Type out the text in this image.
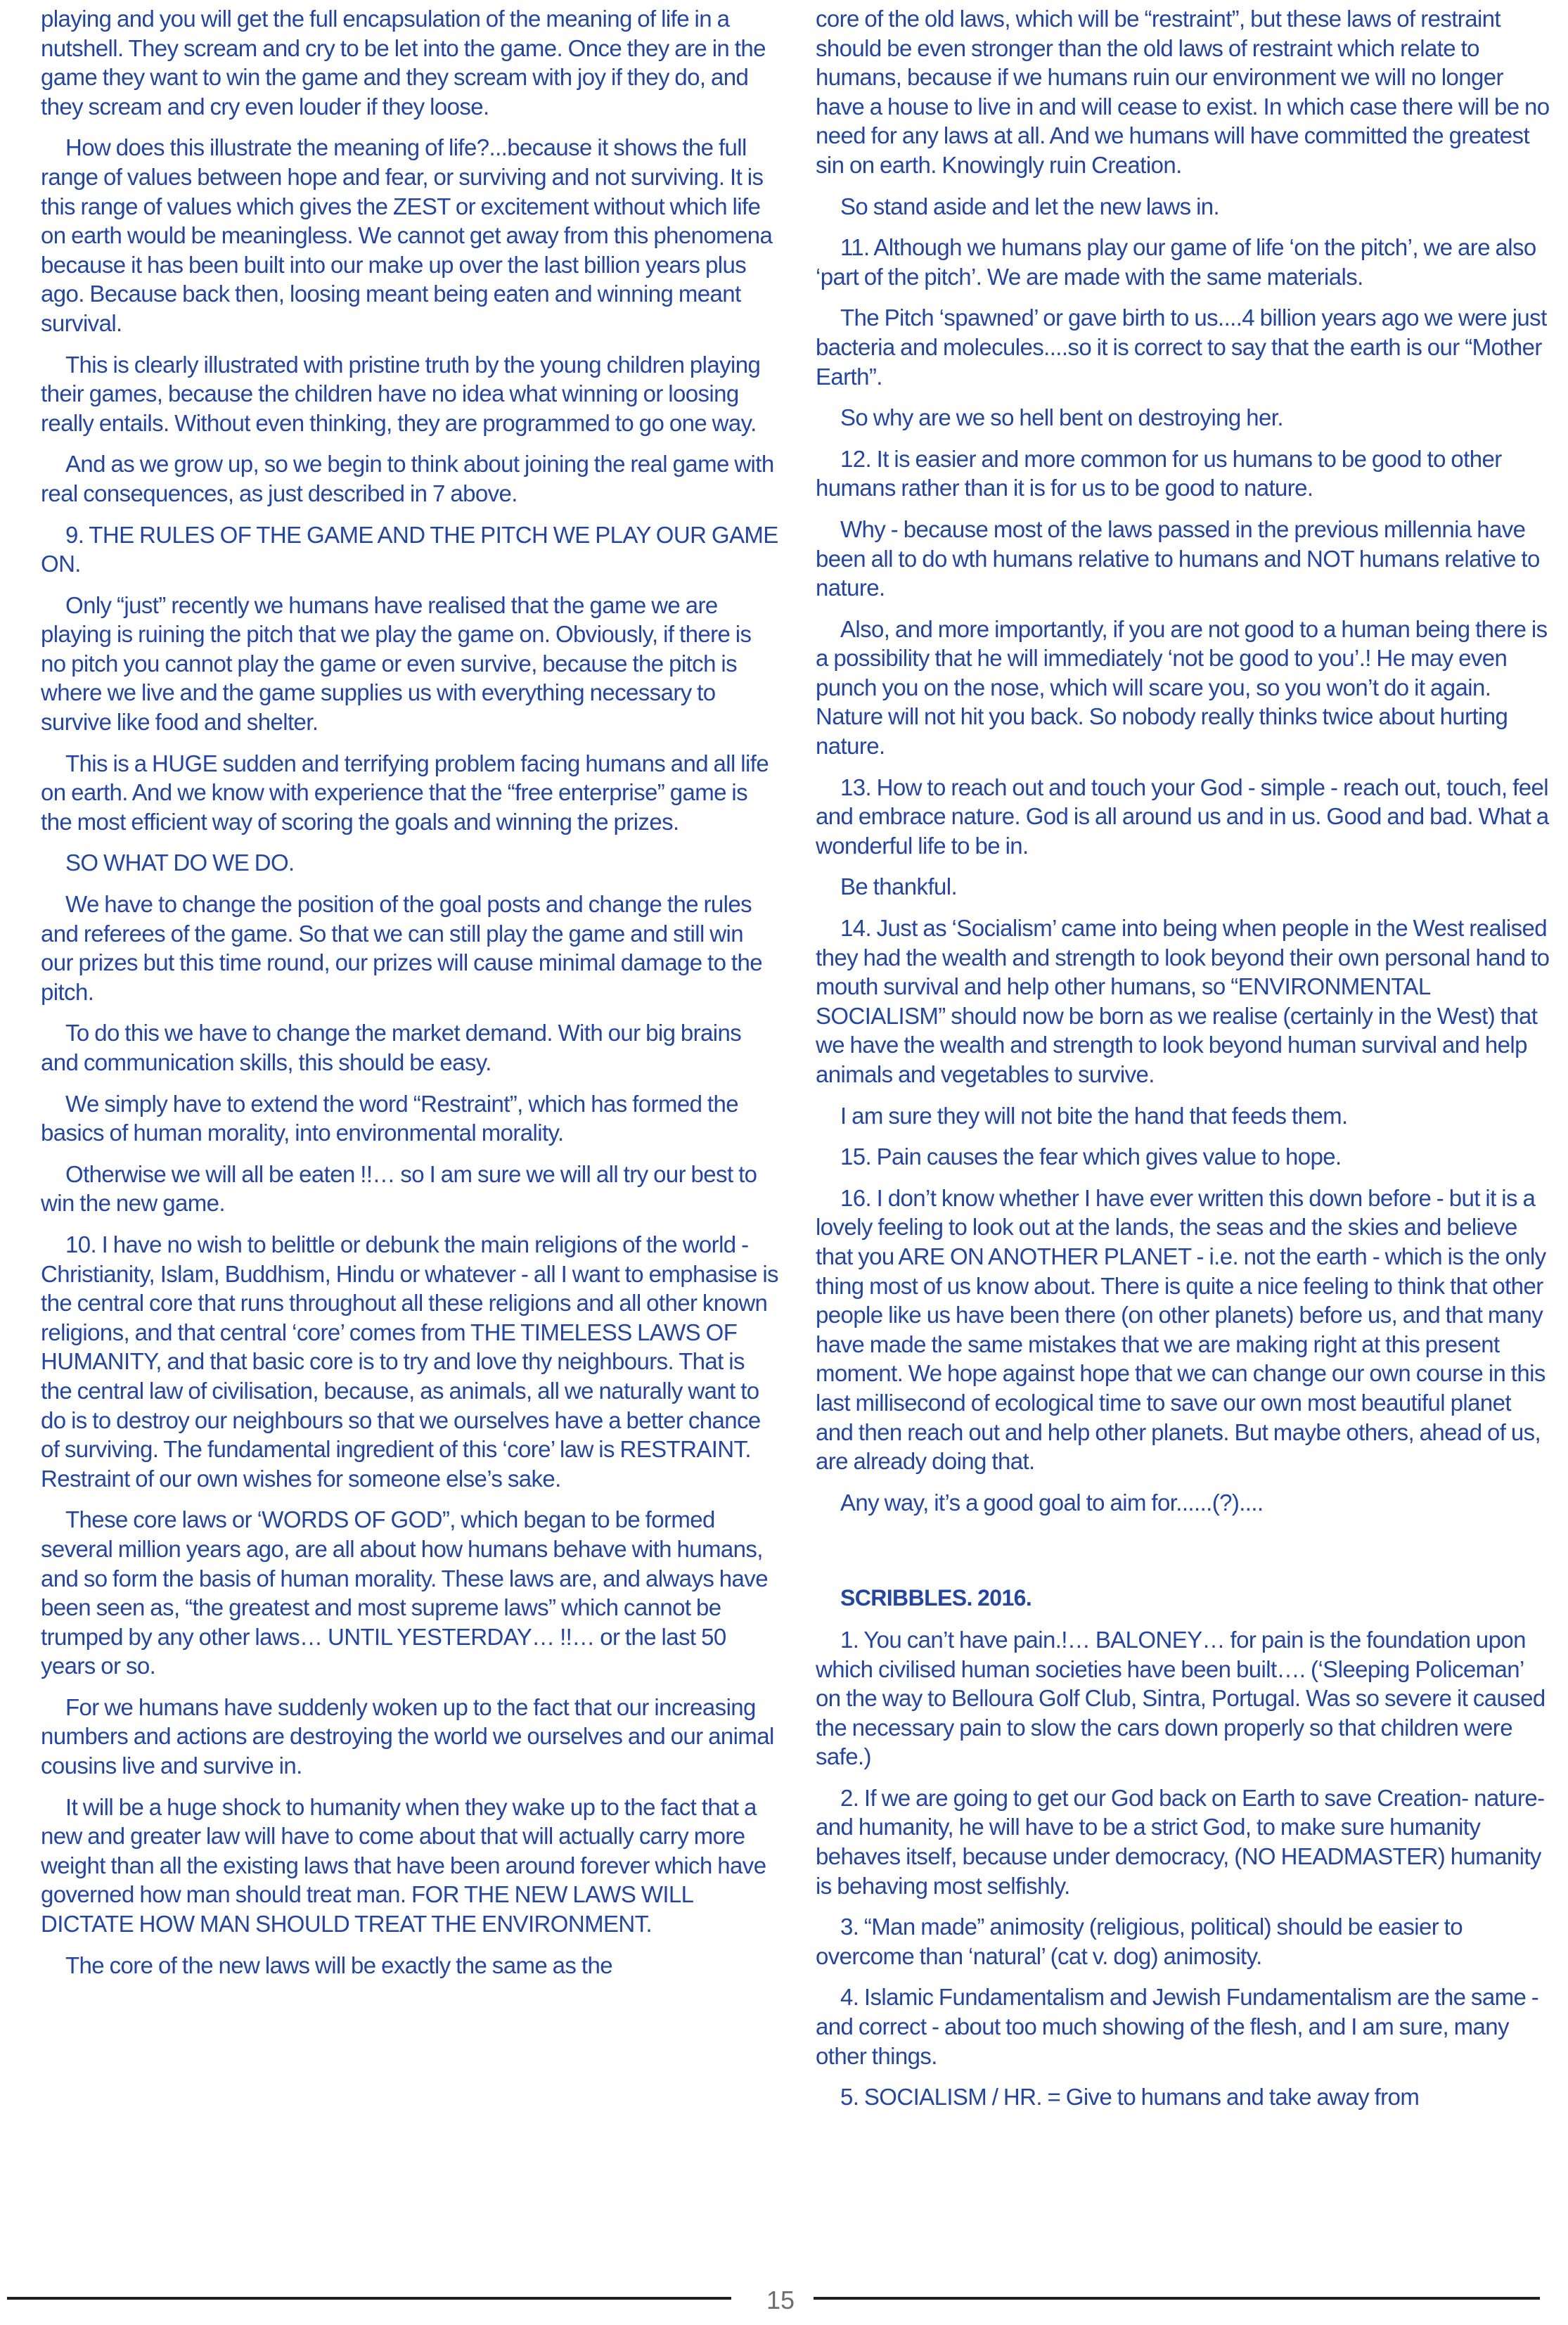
playing and you will get the full encapsulation of the meaning of life in a nutshell. They scream and cry to be let into the game. Once they are in the game they want to win the game and they scream with joy if they do, and they scream and cry even louder if they loose.

How does this illustrate the meaning of life?...because it shows the full range of values between hope and fear, or surviving and not surviving. It is this range of values which gives the ZEST or excitement without which life on earth would be meaningless. We cannot get away from this phenomena because it has been built into our make up over the last billion years plus ago. Because back then, loosing meant being eaten and winning meant survival.

This is clearly illustrated with pristine truth by the young children playing their games, because the children have no idea what winning or loosing really entails. Without even thinking, they are programmed to go one way.

And as we grow up, so we begin to think about joining the real game with real consequences, as just described in 7 above.

9. THE RULES OF THE GAME AND THE PITCH WE PLAY OUR GAME ON.

Only “just” recently we humans have realised that the game we are playing is ruining the pitch that we play the game on. Obviously, if there is no pitch you cannot play the game or even survive, because the pitch is where we live and the game supplies us with everything necessary to survive like food and shelter.

This is a HUGE sudden and terrifying problem facing humans and all life on earth. And we know with experience that the “free enterprise” game is the most efficient way of scoring the goals and winning the prizes.

SO WHAT DO WE DO.

We have to change the position of the goal posts and change the rules and referees of the game. So that we can still play the game and still win our prizes but this time round, our prizes will cause minimal damage to the pitch.

To do this we have to change the market demand. With our big brains and communication skills, this should be easy.

We simply have to extend the word “Restraint”, which has formed the basics of human morality, into environmental morality.

Otherwise we will all be eaten !!… so I am sure we will all try our best to win the new game.

10. I have no wish to belittle or debunk the main religions of the world - Christianity, Islam, Buddhism, Hindu or whatever - all I want to emphasise is the central core that runs throughout all these religions and all other known religions, and that central ‘core’ comes from THE TIMELESS LAWS OF HUMANITY, and that basic core is to try and love thy neighbours. That is the central law of civilisation, because, as animals, all we naturally want to do is to destroy our neighbours so that we ourselves have a better chance of surviving. The fundamental ingredient of this ‘core’ law is RESTRAINT. Restraint of our own wishes for someone else’s sake.

These core laws or ‘WORDS OF GOD”, which began to be formed several million years ago, are all about how humans behave with humans, and so form the basis of human morality. These laws are, and always have been seen as, “the greatest and most supreme laws” which cannot be trumped by any other laws… UNTIL YESTERDAY… !!… or the last 50 years or so.

For we humans have suddenly woken up to the fact that our increasing numbers and actions are destroying the world we ourselves and our animal cousins live and survive in.

It will be a huge shock to humanity when they wake up to the fact that a new and greater law will have to come about that will actually carry more weight than all the existing laws that have been around forever which have governed how man should treat man. FOR THE NEW LAWS WILL DICTATE HOW MAN SHOULD TREAT THE ENVIRONMENT.

The core of the new laws will be exactly the same as the

core of the old laws, which will be “restraint”, but these laws of restraint should be even stronger than the old laws of restraint which relate to humans, because if we humans ruin our environment we will no longer have a house to live in and will cease to exist. In which case there will be no need for any laws at all. And we humans will have committed the greatest sin on earth. Knowingly ruin Creation.

So stand aside and let the new laws in.

11. Although we humans play our game of life ‘on the pitch’, we are also ‘part of the pitch’. We are made with the same materials.

The Pitch ‘spawned’ or gave birth to us....4 billion years ago we were just bacteria and molecules....so it is correct to say that the earth is our “Mother Earth”.

So why are we so hell bent on destroying her.

12. It is easier and more common for us humans to be good to other humans rather than it is for us to be good to nature.

Why - because most of the laws passed in the previous millennia have been all to do wth humans relative to humans and NOT humans relative to nature.

Also, and more importantly, if you are not good to a human being there is a possibility that he will immediately ‘not be good to you’.! He may even punch you on the nose, which will scare you, so you won’t do it again. Nature will not hit you back. So nobody really thinks twice about hurting nature.

13. How to reach out and touch your God - simple - reach out, touch, feel and embrace nature. God is all around us and in us. Good and bad. What a wonderful life to be in.

Be thankful.

14. Just as ‘Socialism’ came into being when people in the West realised they had the wealth and strength to look beyond their own personal hand to mouth survival and help other humans, so “ENVIRONMENTAL SOCIALISM” should now be born as we realise (certainly in the West) that we have the wealth and strength to look beyond human survival and help animals and vegetables to survive.

I am sure they will not bite the hand that feeds them.

15. Pain causes the fear which gives value to hope.

16. I don’t know whether I have ever written this down before - but it is a lovely feeling to look out at the lands, the seas and the skies and believe that you ARE ON ANOTHER PLANET - i.e. not the earth - which is the only thing most of us know about. There is quite a nice feeling to think that other people like us have been there (on other planets) before us, and that many have made the same mistakes that we are making right at this present moment. We hope against hope that we can change our own course in this last millisecond of ecological time to save our own most beautiful planet and then reach out and help other planets. But maybe others, ahead of us, are already doing that.

Any way, it’s a good goal to aim for......(?)....

SCRIBBLES. 2016.

1. You can’t have pain.!… BALONEY… for pain is the foundation upon which civilised human societies have been built…. (‘Sleeping Policeman’ on the way to Belloura Golf Club, Sintra, Portugal. Was so severe it caused the necessary pain to slow the cars down properly so that children were safe.)

2. If we are going to get our God back on Earth to save Creation- nature- and humanity, he will have to be a strict God, to make sure humanity behaves itself, because under democracy, (NO HEADMASTER) humanity is behaving most selfishly.

3. “Man made” animosity (religious, political) should be easier to overcome than ‘natural’ (cat v. dog) animosity.

4. Islamic Fundamentalism and Jewish Fundamentalism are the same - and correct - about too much showing of the flesh, and I am sure, many other things.

5. SOCIALISM / HR. = Give to humans and take away from

15
